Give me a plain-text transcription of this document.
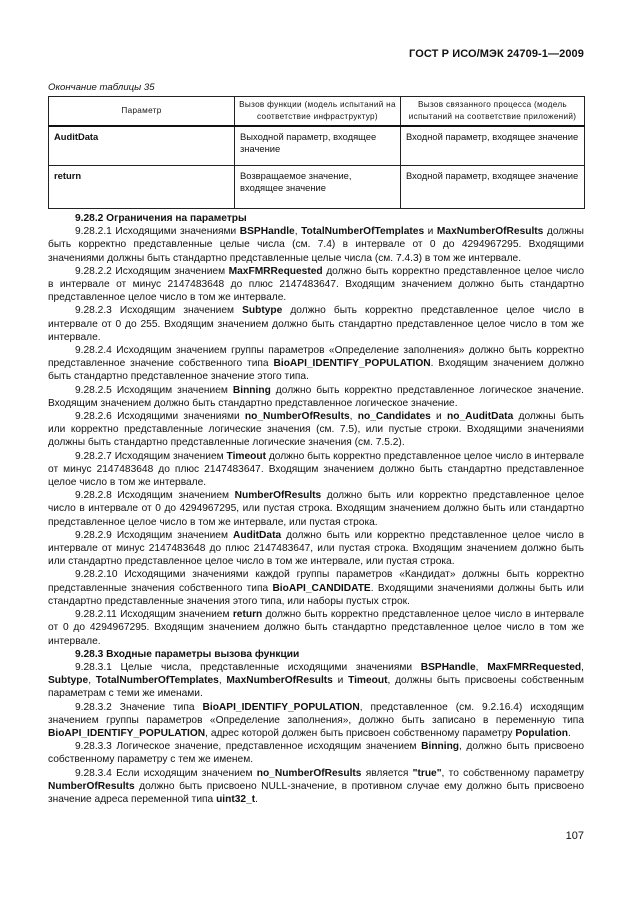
ГОСТ Р ИСО/МЭК 24709-1—2009
Окончание таблицы 35
Параметр	Вызов функции (модель испытаний на соответствие инфраструктур)	Вызов связанного процесса (модель испытаний на соответствие приложений)
AuditData	Выходной параметр, входящее значение	Входной параметр, входящее значение
return	Возвращаемое значение, входящее значение	Входной параметр, входящее значение

9.28.2 Ограничения на параметры

9.28.2.1 Исходящими значениями BSPHandle, TotalNumberOfTemplates и MaxNumberOfResults должны быть корректно представленные целые числа (см. 7.4) в интервале от 0 до 4294967295. Входящими значениями должны быть стандартно представленные целые числа (см. 7.4.3) в том же интервале.

9.28.2.2 Исходящим значением MaxFMRRequested должно быть корректно представленное целое число в интервале от минус 2147483648 до плюс 2147483647. Входящим значением должно быть стандартно представленное целое число в том же интервале.

9.28.2.3 Исходящим значением Subtype должно быть корректно представленное целое число в интервале от 0 до 255. Входящим значением должно быть стандартно представленное целое число в том же интервале.

9.28.2.4 Исходящим значением группы параметров «Определение заполнения» должно быть корректно представленное значение собственного типа BioAPI_IDENTIFY_POPULATION. Входящим значением должно быть стандартно представленное значение этого типа.

9.28.2.5 Исходящим значением Binning должно быть корректно представленное логическое значение. Входящим значением должно быть стандартно представленное логическое значение.

9.28.2.6 Исходящими значениями no_NumberOfResults, no_Candidates и no_AuditData должны быть или корректно представленные логические значения (см. 7.5), или пустые строки. Входящими значениями должны быть стандартно представленные логические значения (см. 7.5.2).

9.28.2.7 Исходящим значением Timeout должно быть корректно представленное целое число в интервале от минус 2147483648 до плюс 2147483647. Входящим значением должно быть стандартно представленное целое число в том же интервале.

9.28.2.8 Исходящим значением NumberOfResults должно быть или корректно представленное целое число в интервале от 0 до 4294967295, или пустая строка. Входящим значением должно быть или стандартно представленное целое число в том же интервале, или пустая строка.

9.28.2.9 Исходящим значением AuditData должно быть или корректно представленное целое число в интервале от минус 2147483648 до плюс 2147483647, или пустая строка. Входящим значением должно быть или стандартно представленное целое число в том же интервале, или пустая строка.

9.28.2.10 Исходящими значениями каждой группы параметров «Кандидат» должны быть корректно представленные значения собственного типа BioAPI_CANDIDATE. Входящими значениями должны быть или стандартно представленные значения этого типа, или наборы пустых строк.

9.28.2.11 Исходящим значением return должно быть корректно представленное целое число в интервале от 0 до 4294967295. Входящим значением должно быть стандартно представленное целое число в том же интервале.

9.28.3 Входные параметры вызова функции

9.28.3.1 Целые числа, представленные исходящими значениями BSPHandle, MaxFMRRequested, Subtype, TotalNumberOfTemplates, MaxNumberOfResults и Timeout, должны быть присвоены собственным параметрам с теми же именами.

9.28.3.2 Значение типа BioAPI_IDENTIFY_POPULATION, представленное (см. 9.2.16.4) исходящим значением группы параметров «Определение заполнения», должно быть записано в переменную типа BioAPI_IDENTIFY_POPULATION, адрес которой должен быть присвоен собственному параметру Population.

9.28.3.3 Логическое значение, представленное исходящим значением Binning, должно быть присвоено собственному параметру с тем же именем.

9.28.3.4 Если исходящим значением no_NumberOfResults является "true", то собственному параметру NumberOfResults должно быть присвоено NULL-значение, в противном случае ему должно быть присвоено значение адреса переменной типа uint32_t.

107
